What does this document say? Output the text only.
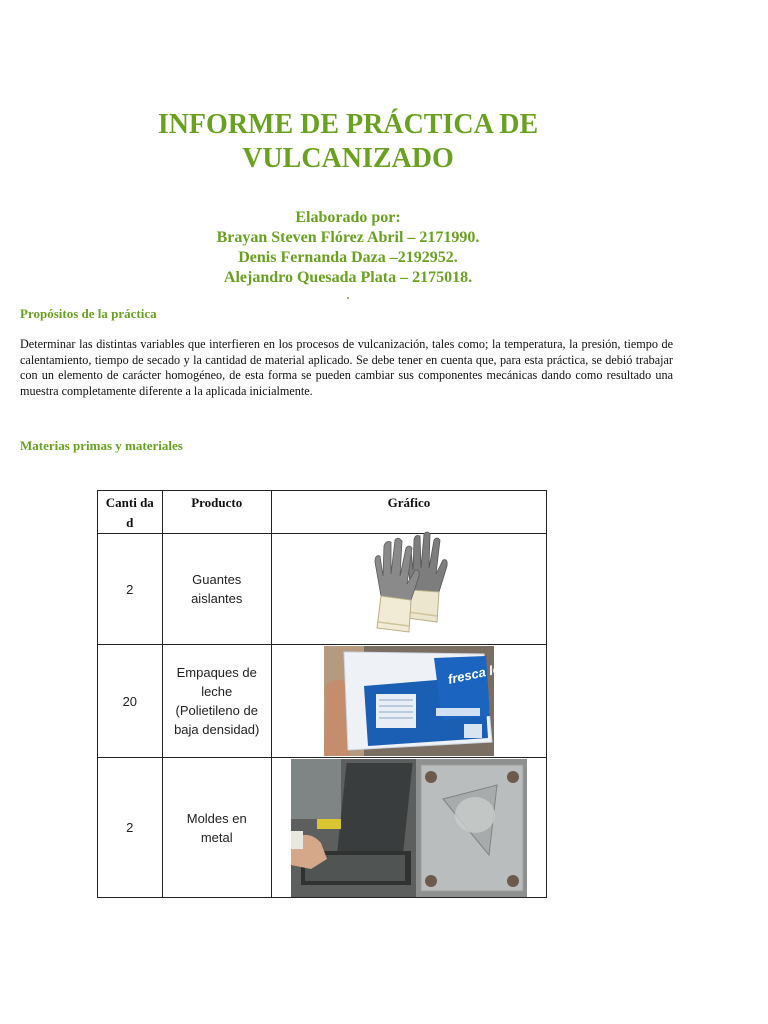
INFORME DE PRÁCTICA DE
VULCANIZADO
Elaborado por:
Brayan Steven Flórez Abril – 2171990.
Denis Fernanda Daza –2192952.
Alejandro Quesada Plata – 2175018.
.
Propósitos de la práctica
Determinar las distintas variables que interfieren en los procesos de vulcanización, tales como; la temperatura, la presión, tiempo de calentamiento, tiempo de secado y la cantidad de material aplicado. Se debe tener en cuenta que, para esta práctica, se debió trabajar con un elemento de carácter homogéneo, de esta forma se pueden cambiar sus componentes mecánicas dando como resultado una muestra completamente diferente a la aplicada inicialmente.
Materias primas y materiales
Canti dad	Producto	Gráfico
2	Guantes aislantes	

20	Empaques de leche (Polietileno de baja densidad)	fresca leche

2	Moldes en metal	
